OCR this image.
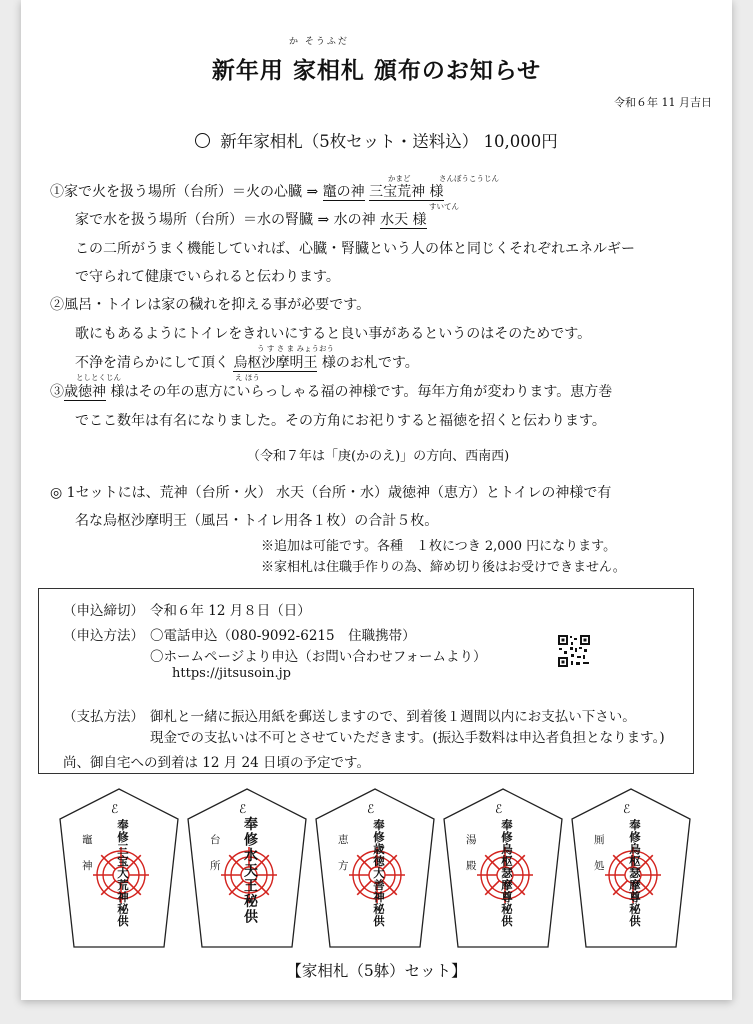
か そうふだ
新年用 家相札 頒布のお知らせ
令和６年 11 月吉日
新年家相札（5枚セット・送料込） 10,000円
かまど	さんぼうこうじん
①家で火を扱う場所（台所）＝火の心臓 ⇒ 竈の神 三宝荒神 様
すいてん
家で水を扱う場所（台所）＝水の腎臓 ⇒ 水の神 水天 様
この二所がうまく機能していれば、心臓・腎臓という人の体と同じくそれぞれエネルギー
で守られて健康でいられると伝わります。
②風呂・トイレは家の穢れを抑える事が必要です。
歌にもあるようにトイレをきれいにすると良い事があるというのはそのためです。
う す さ ま みょうおう
不浄を清らかにして頂く 烏枢沙摩明王 様のお札です。
としとくじん	え ほう
③歳徳神 様はその年の恵方にいらっしゃる福の神様です。毎年方角が変わります。恵方巻
でここ数年は有名になりました。その方角にお祀りすると福徳を招くと伝わります。
（令和７年は「庚(かのえ)」の方向、西南西)
◎ 1セットには、荒神（台所・火） 水天（台所・水）歳徳神（恵方）とトイレの神様で有
名な烏枢沙摩明王（風呂・トイレ用各１枚）の合計５枚。
※追加は可能です。各種　１枚につき 2,000 円になります。
※家相札は住職手作りの為、締め切り後はお受けできません。
（申込締切） 令和６年 12 月８日（日）
（申込方法） 〇電話申込（080-9092-6215　住職携帯）
〇ホームページより申込（お問い合わせフォームより）
https://jitsusoin.jp
（支払方法） 御札と一緒に振込用紙を郵送しますので、到着後１週間以内にお支払い下さい。
現金での支払いは不可とさせていただきます。(振込手数料は申込者負担となります。)
尚、御自宅への到着は 12 月 24 日頃の予定です。
竈神
奉修三宝大荒神秘供
ℰ
台所
奉修水天王秘供
ℰ
恵方
奉修歳徳大善神秘供
ℰ
湯殿
奉修烏枢瑟摩尊秘供
ℰ
厠処
奉修烏枢瑟摩尊秘供
ℰ
【家相札（5躰）セット】
